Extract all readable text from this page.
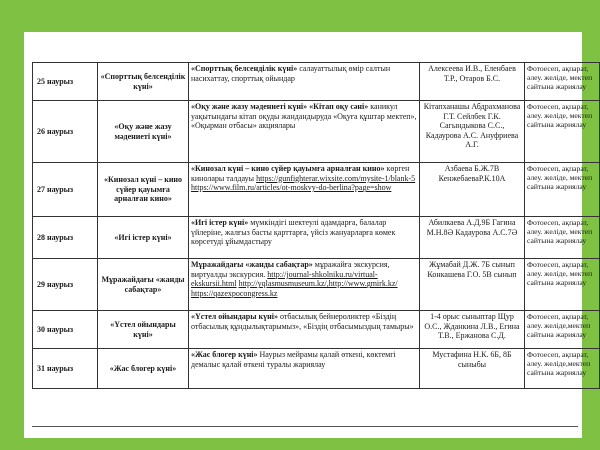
25 наурыз	«Спорттық белсенділік күні»	«Спорттық белсенділік күні» салауаттылық өмір салтын насихаттау, спорттық ойындар	Алексеева И.В., Еленбаев Т.Р., Отаров Б.С.	Фотоесеп, ақпарат, әлеу. желіде, мектеп сайтына жариялау
26 наурыз	«Оқу және жазу мәдениеті күні»	«Оқу және жазу мәдениеті күні» «Кітап оқу сәні» каникул уақытындағы кітап оқуды жандандыруда «Оқуға құштар мектеп», «Оқырман отбасы» акциялары	Кітапханашы Абдрахманова Г.Т. Сейлбек Г.К. Сагындыкова С.С., Кадаурова А.С. Ануфриева А.Г.	Фотоесеп, ақпарат, әлеу. желіде, мектеп сайтына жариялау
27 наурыз	«Кинозал күні – кино сүйер қауымға арналған кино»	«Кинозал күні – кино сүйер қауымға арналған кино» көрген кинолары талдауы https://gunfighterar.wixsite.com/mysite-1/blank-5 https://www.film.ru/articles/ot-moskvy-do-berlina?page=show	Азбаева Б.Ж.7В КенжебаеваР.К.10А	Фотоесеп, ақпарат, әлеу. желіде, мектеп сайтына жариялау
28 наурыз	«Игі істер күні»	«Игі істер күні» мүмкіндігі шектеулі адамдарға, балалар үйлеріне, жалғыз басты қарттарға, үйсіз жануарларға көмек көрсетуді ұйымдастыру	Абилкаева А.Д.9Б Гагина М.Н.8Ә Кадаурова А.С.7Ә	Фотоесеп, ақпарат, әлеу. желіде, мектеп сайтына жариялау
29 наурыз	Мұражайдағы «жанды сабақтар»	Мұражайдағы «жанды сабақтар» мұражайға экскурсия, виртуалды экскурсия. http://journal-shkolniku.ru/virtual-ekskursii.html http://yqlasmusmuseum.kz/,http://www.gmirk.kz/ https://qazexpocongress.kz	Жұмабай Д.Ж. 7Б сынып Конкашева Г.О. 5В сынып	Фотоесеп, ақпарат, әлеу. желіде, мектеп сайтына жариялау
30 наурыз	«Үстел ойындары күні»	«Үстел ойындары күні» отбасылық бейнероликтер «Біздің отбасылық құндылықтарымыз», «Біздің отбасымыздың тамыры»	1-4 орыс сыныптар Щур О.С., Жданкина Л.В., Егина Т.В., Ержанова С.Д.	Фотоесеп, ақпарат, әлеу. желіде,мектеп сайтына жариялау
31 наурыз	«Жас блогер күні»	«Жас блогер күні» Наурыз мейрамы қалай өткені, көктемгі демалыс қалай өткені туралы жариялау	Мустафина Н.К. 6Б, 8Б сыныбы	Фотоесеп, ақпарат, әлеу. желіде,мектеп сайтына жариялау
